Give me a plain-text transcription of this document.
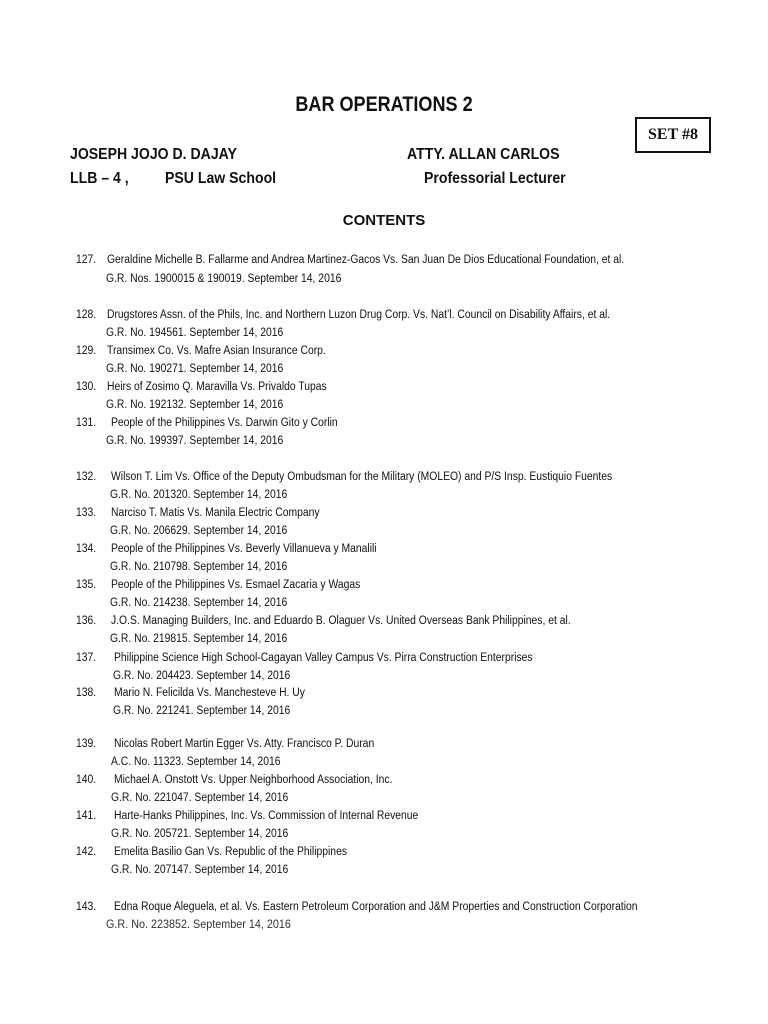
BAR OPERATIONS 2
SET #8
JOSEPH JOJO D. DAJAY
LLB – 4 , PSU Law School
ATTY. ALLAN CARLOS
Professorial Lecturer
CONTENTS
127. Geraldine Michelle B. Fallarme and Andrea Martinez-Gacos Vs. San Juan De Dios Educational Foundation, et al.
G.R. Nos. 1900015 & 190019. September 14, 2016
128. Drugstores Assn. of the Phils, Inc. and Northern Luzon Drug Corp. Vs. Nat’l. Council on Disability Affairs, et al.
G.R. No. 194561. September 14, 2016
129. Transimex Co. Vs. Mafre Asian Insurance Corp.
G.R. No. 190271. September 14, 2016
130. Heirs of Zosimo Q. Maravilla Vs. Privaldo Tupas
G.R. No. 192132. September 14, 2016
131. People of the Philippines Vs. Darwin Gito y Corlin
G.R. No. 199397. September 14, 2016
132. Wilson T. Lim Vs. Office of the Deputy Ombudsman for the Military (MOLEO) and P/S Insp. Eustiquio Fuentes
G.R. No. 201320. September 14, 2016
133. Narciso T. Matis Vs. Manila Electric Company
G.R. No. 206629. September 14, 2016
134. People of the Philippines Vs. Beverly Villanueva y Manalili
G.R. No. 210798. September 14, 2016
135. People of the Philippines Vs. Esmael Zacaria y Wagas
G.R. No. 214238. September 14, 2016
136. J.O.S. Managing Builders, Inc. and Eduardo B. Olaguer Vs. United Overseas Bank Philippines, et al.
G.R. No. 219815. September 14, 2016
137. Philippine Science High School-Cagayan Valley Campus Vs. Pirra Construction Enterprises
G.R. No. 204423. September 14, 2016
138. Mario N. Felicilda Vs. Manchesteve H. Uy
G.R. No. 221241. September 14, 2016
139. Nicolas Robert Martin Egger Vs. Atty. Francisco P. Duran
A.C. No. 11323. September 14, 2016
140. Michael A. Onstott Vs. Upper Neighborhood Association, Inc.
G.R. No. 221047. September 14, 2016
141. Harte-Hanks Philippines, Inc. Vs. Commission of Internal Revenue
G.R. No. 205721. September 14, 2016
142. Emelita Basilio Gan Vs. Republic of the Philippines
G.R. No. 207147. September 14, 2016
143. Edna Roque Aleguela, et al. Vs. Eastern Petroleum Corporation and J&M Properties and Construction Corporation
G.R. No. 223852. September 14, 2016
